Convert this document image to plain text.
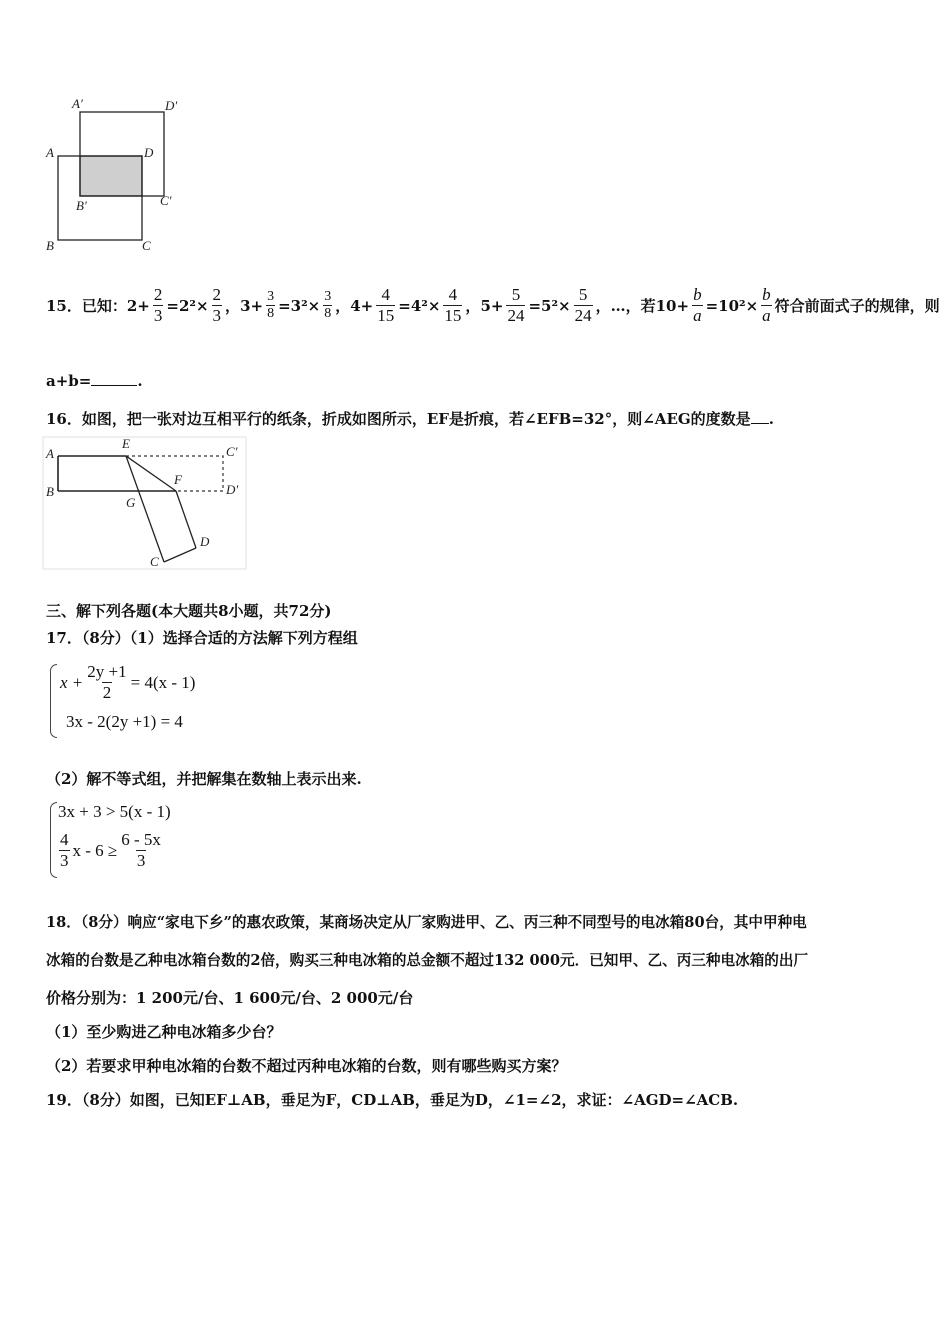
A′	D′
A	D
B′	C′
B	C
15．已知： $2+ \frac{2}{3} =2^2\times \frac{2}{3}$ ， $3+ \frac{3}{8} =3^2\times \frac{3}{8}$ ， $4+ \frac{4}{15} =4^2\times \frac{4}{15}$ ， $5+ \frac{5}{24} =5^2\times \frac{5}{24}$ ，…，若 $10+ \frac{b}{a} =10^2\times \frac{b}{a}$ 符合前面式子的规律，则
a+b=	.
16．如图，把一张对边互相平行的纸条，折成如图所示，EF是折痕，若∠EFB=32°，则∠AEG的度数是 .
A
E
C′
B
F
D′
G
C
D
三、解下列各题(本大题共8小题，共72分)
17．（8分）（1）选择合适的方法解下列方程组
$x + \frac{2y +1}{2} = 4(x - 1)$
3x - 2(2y +1) = 4
（2）解不等式组，并把解集在数轴上表示出来.
3x + 3 > 5(x - 1)
$\frac{4}{3}$ $x - 6 \ge \frac{6 - 5x}{3}$
18．（8分）响应“家电下乡”的惠农政策，某商场决定从厂家购进甲、乙、丙三种不同型号的电冰箱80台，其中甲种电
冰箱的台数是乙种电冰箱台数的2倍，购买三种电冰箱的总金额不超过132 000元．已知甲、乙、丙三种电冰箱的出厂
价格分别为：1 200元/台、1 600元/台、2 000元/台
（1）至少购进乙种电冰箱多少台？
（2）若要求甲种电冰箱的台数不超过丙种电冰箱的台数，则有哪些购买方案？
19．（8分）如图，已知EF⊥AB，垂足为F，CD⊥AB，垂足为D，∠1=∠2，求证：∠AGD=∠ACB.
